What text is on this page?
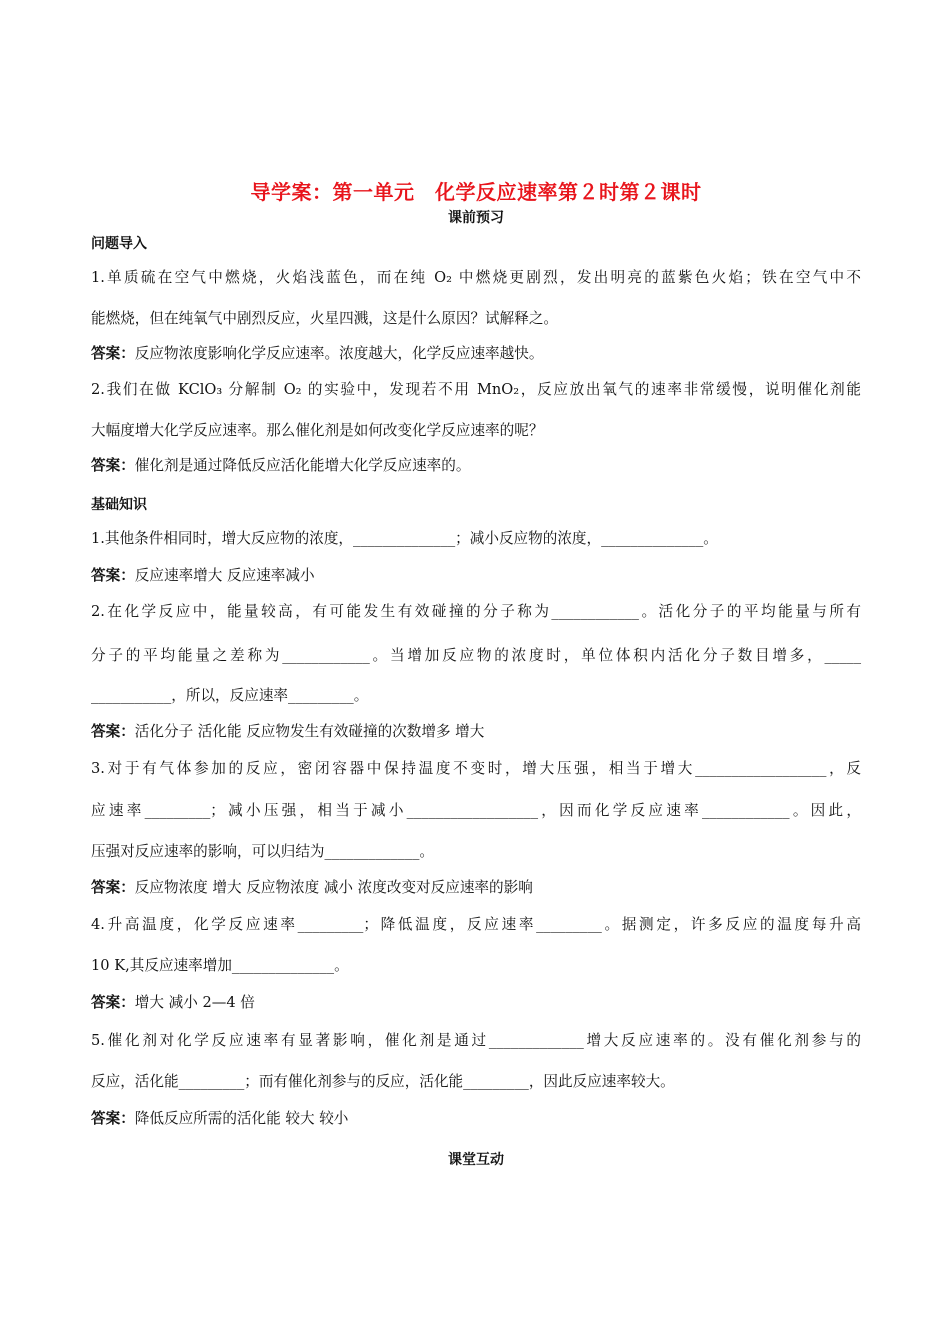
导学案：第一单元　化学反应速率第２时第２课时
课前预习
问题导入
1.单质硫在空气中燃烧，火焰浅蓝色，而在纯 O₂ 中燃烧更剧烈，发出明亮的蓝紫色火焰；铁在空气中不
能燃烧，但在纯氧气中剧烈反应，火星四溅，这是什么原因？试解释之。
答案：反应物浓度影响化学反应速率。浓度越大，化学反应速率越快。
2.我们在做 KClO₃ 分解制 O₂ 的实验中，发现若不用 MnO₂，反应放出氧气的速率非常缓慢，说明催化剂能
大幅度增大化学反应速率。那么催化剂是如何改变化学反应速率的呢？
答案：催化剂是通过降低反应活化能增大化学反应速率的。
基础知识
1.其他条件相同时，增大反应物的浓度，______________；减小反应物的浓度，______________。
答案：反应速率增大 反应速率减小
2.在化学反应中，能量较高，有可能发生有效碰撞的分子称为____________。活化分子的平均能量与所有
分子的平均能量之差称为____________。当增加反应物的浓度时，单位体积内活化分子数目增多，_____
___________，所以，反应速率_________。
答案：活化分子 活化能 反应物发生有效碰撞的次数增多 增大
3.对于有气体参加的反应，密闭容器中保持温度不变时，增大压强，相当于增大__________________，反
应速率_________；减小压强，相当于减小__________________，因而化学反应速率____________。因此，
压强对反应速率的影响，可以归结为_____________。
答案：反应物浓度 增大 反应物浓度 减小 浓度改变对反应速率的影响
4.升高温度，化学反应速率_________；降低温度，反应速率_________。据测定，许多反应的温度每升高
10 K,其反应速率增加______________。
答案：增大 减小 2—4 倍
5.催化剂对化学反应速率有显著影响，催化剂是通过_____________增大反应速率的。没有催化剂参与的
反应，活化能_________；而有催化剂参与的反应，活化能_________，因此反应速率较大。
答案：降低反应所需的活化能 较大 较小
课堂互动
